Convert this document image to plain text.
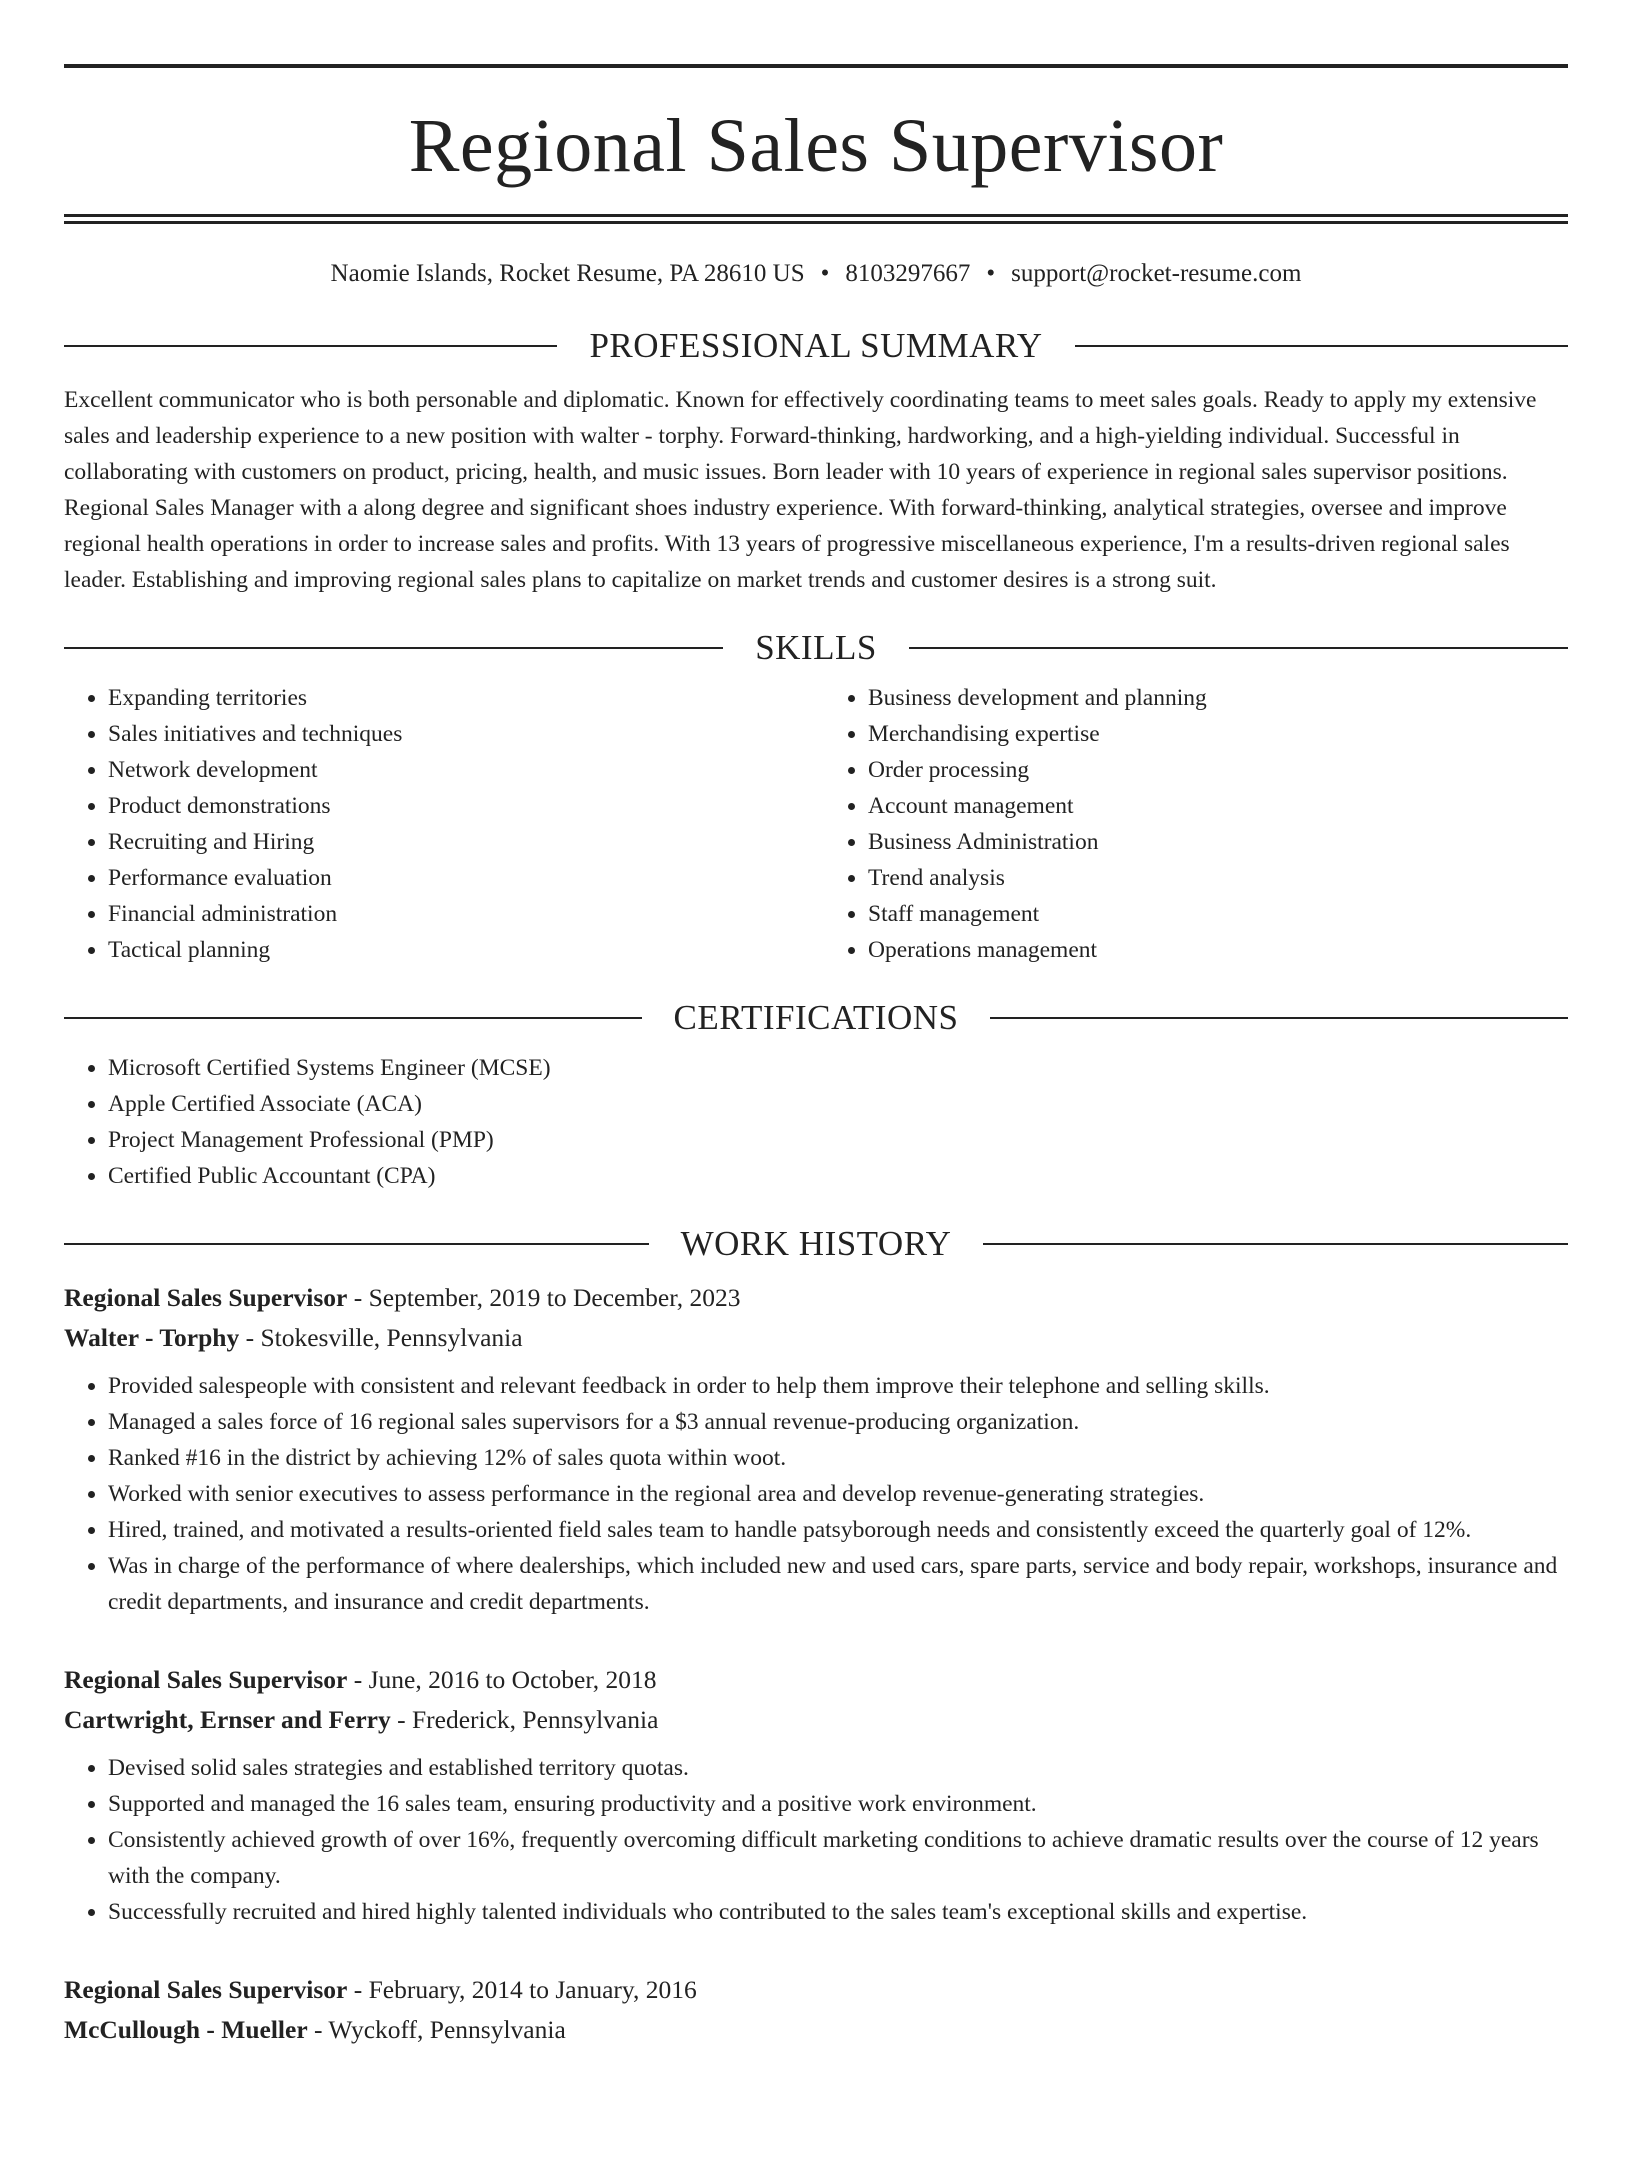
Regional Sales Supervisor
Naomie Islands, Rocket Resume, PA 28610 US • 8103297667 • support@rocket-resume.com
PROFESSIONAL SUMMARY

Excellent communicator who is both personable and diplomatic. Known for effectively coordinating teams to meet sales goals. Ready to apply my extensive sales and leadership experience to a new position with walter - torphy. Forward-thinking, hardworking, and a high-yielding individual. Successful in collaborating with customers on product, pricing, health, and music issues. Born leader with 10 years of experience in regional sales supervisor positions. Regional Sales Manager with a along degree and significant shoes industry experience. With forward-thinking, analytical strategies, oversee and improve regional health operations in order to increase sales and profits. With 13 years of progressive miscellaneous experience, I'm a results-driven regional sales leader. Establishing and improving regional sales plans to capitalize on market trends and customer desires is a strong suit.

SKILLS
• Expanding territories
• Sales initiatives and techniques
• Network development
• Product demonstrations
• Recruiting and Hiring
• Performance evaluation
• Financial administration
• Tactical planning
• Business development and planning
• Merchandising expertise
• Order processing
• Account management
• Business Administration
• Trend analysis
• Staff management
• Operations management
CERTIFICATIONS
• Microsoft Certified Systems Engineer (MCSE)
• Apple Certified Associate (ACA)
• Project Management Professional (PMP)
• Certified Public Accountant (CPA)
WORK HISTORY
Regional Sales Supervisor - September, 2019 to December, 2023
Walter - Torphy - Stokesville, Pennsylvania
• Provided salespeople with consistent and relevant feedback in order to help them improve their telephone and selling skills.
• Managed a sales force of 16 regional sales supervisors for a $3 annual revenue-producing organization.
• Ranked #16 in the district by achieving 12% of sales quota within woot.
• Worked with senior executives to assess performance in the regional area and develop revenue-generating strategies.
• Hired, trained, and motivated a results-oriented field sales team to handle patsyborough needs and consistently exceed the quarterly goal of 12%.
• Was in charge of the performance of where dealerships, which included new and used cars, spare parts, service and body repair, workshops, insurance and credit departments, and insurance and credit departments.
Regional Sales Supervisor - June, 2016 to October, 2018
Cartwright, Ernser and Ferry - Frederick, Pennsylvania
• Devised solid sales strategies and established territory quotas.
• Supported and managed the 16 sales team, ensuring productivity and a positive work environment.
• Consistently achieved growth of over 16%, frequently overcoming difficult marketing conditions to achieve dramatic results over the course of 12 years with the company.
• Successfully recruited and hired highly talented individuals who contributed to the sales team's exceptional skills and expertise.
Regional Sales Supervisor - February, 2014 to January, 2016
McCullough - Mueller - Wyckoff, Pennsylvania
